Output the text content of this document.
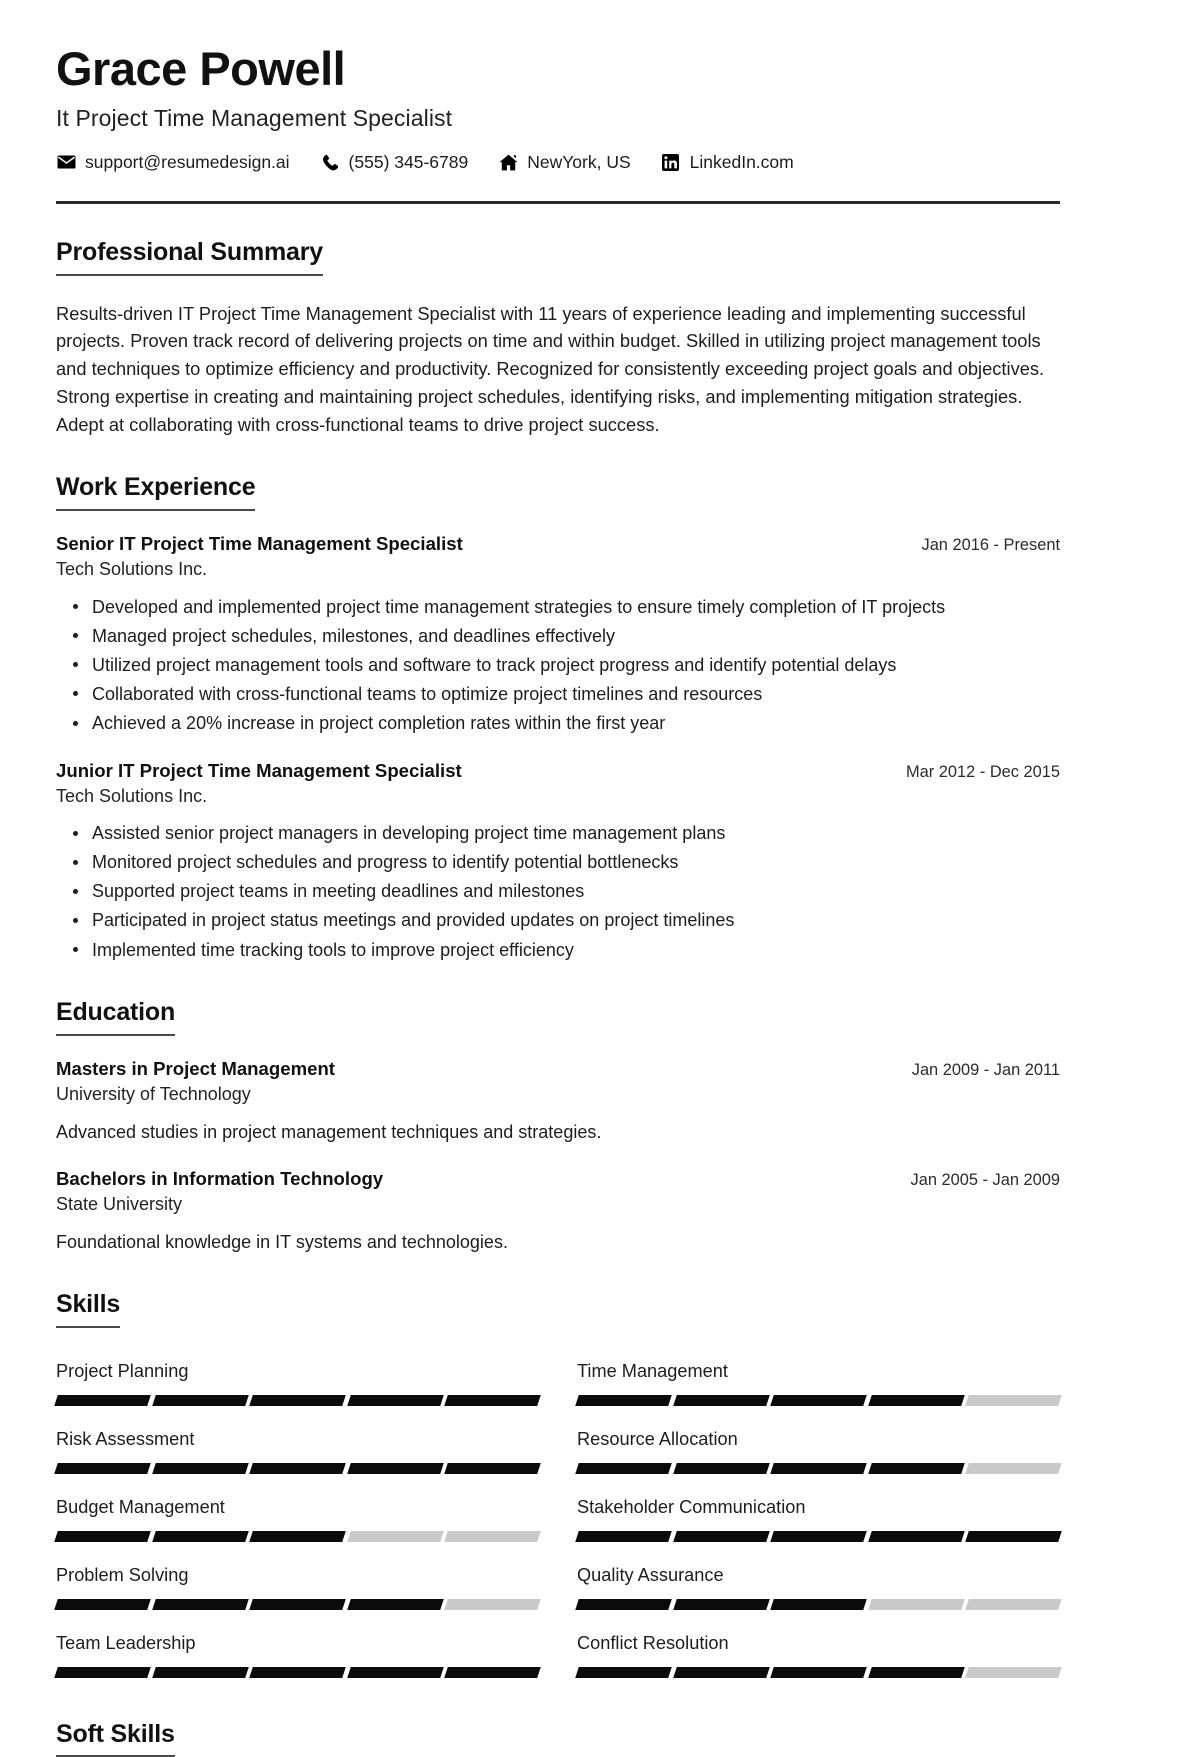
Grace Powell
It Project Time Management Specialist
support@resumedesign.ai	(555) 345-6789	NewYork, US	LinkedIn.com
Professional Summary

Results-driven IT Project Time Management Specialist with 11 years of experience leading and implementing successful projects. Proven track record of delivering projects on time and within budget. Skilled in utilizing project management tools and techniques to optimize efficiency and productivity. Recognized for consistently exceeding project goals and objectives. Strong expertise in creating and maintaining project schedules, identifying risks, and implementing mitigation strategies. Adept at collaborating with cross-functional teams to drive project success.

Work Experience
Senior IT Project Time Management Specialist	Jan 2016 - Present
Tech Solutions Inc.
Developed and implemented project time management strategies to ensure timely completion of IT projects
Managed project schedules, milestones, and deadlines effectively
Utilized project management tools and software to track project progress and identify potential delays
Collaborated with cross-functional teams to optimize project timelines and resources
Achieved a 20% increase in project completion rates within the first year
Junior IT Project Time Management Specialist	Mar 2012 - Dec 2015
Tech Solutions Inc.
Assisted senior project managers in developing project time management plans
Monitored project schedules and progress to identify potential bottlenecks
Supported project teams in meeting deadlines and milestones
Participated in project status meetings and provided updates on project timelines
Implemented time tracking tools to improve project efficiency
Education
Masters in Project Management	Jan 2009 - Jan 2011
University of Technology
Advanced studies in project management techniques and strategies.
Bachelors in Information Technology	Jan 2005 - Jan 2009
State University
Foundational knowledge in IT systems and technologies.
Skills
Project Planning	Time Management
Risk Assessment	Resource Allocation
Budget Management	Stakeholder Communication
Problem Solving	Quality Assurance
Team Leadership	Conflict Resolution
Soft Skills
